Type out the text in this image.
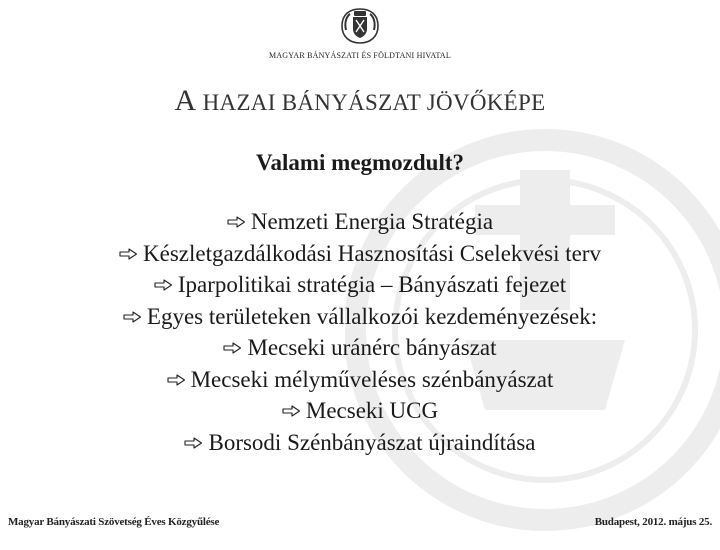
MAGYAR BÁNYÁSZATI ÉS FÖLDTANI HIVATAL
A HAZAI BÁNYÁSZAT JÖVŐKÉPE
Valami megmozdult?
Nemzeti Energia Stratégia
Készletgazdálkodási Hasznosítási Cselekvési terv
Iparpolitikai stratégia – Bányászati fejezet
Egyes területeken vállalkozói kezdeményezések:
Mecseki uránérc bányászat
Mecseki mélyműveléses szénbányászat
Mecseki UCG
Borsodi Szénbányászat újraindítása
Magyar Bányászati Szövetség Éves Közgyűlése	Budapest, 2012. május 25.
